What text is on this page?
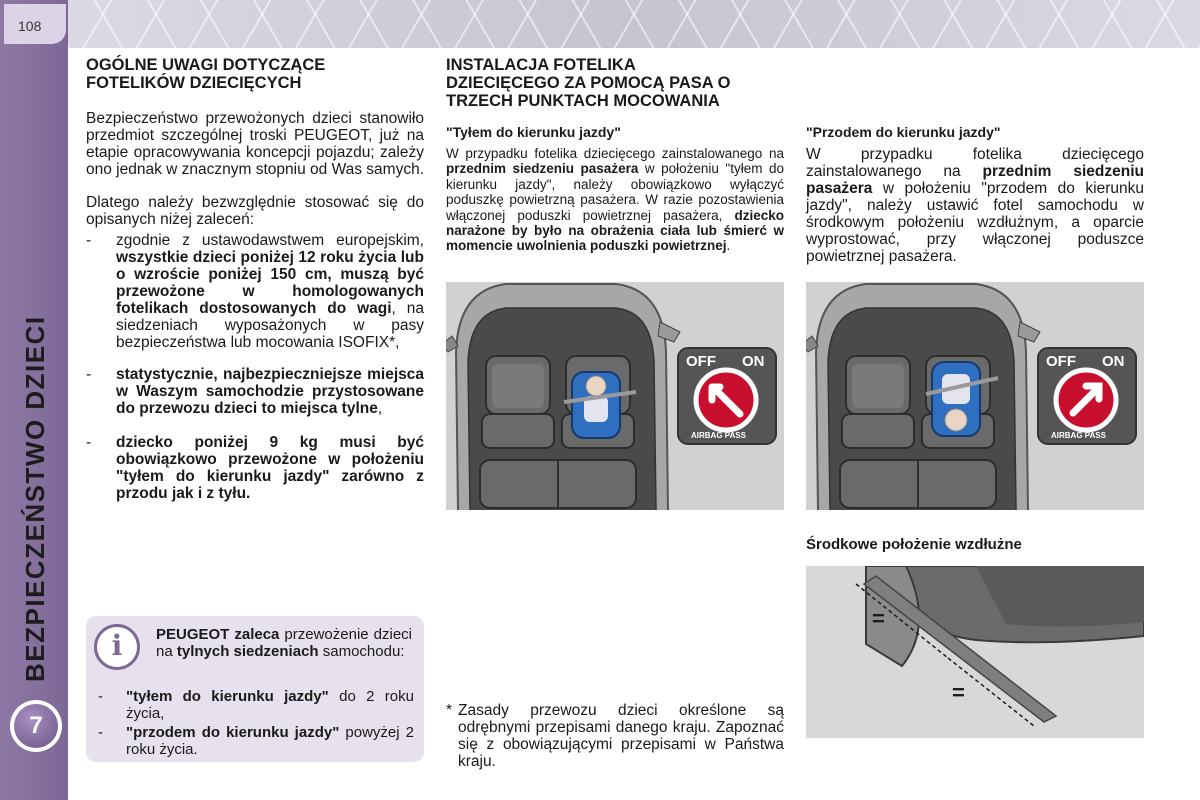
108
BEZPIECZEŃSTWO DZIECI
7
OGÓLNE UWAGI DOTYCZĄCE
FOTELIKÓW DZIECIĘCYCH
Bezpieczeństwo przewożonych dzieci stanowiło przedmiot szczególnej troski PEUGEOT, już na etapie opracowywania koncepcji pojazdu; zależy ono jednak w znacznym stopniu od Was samych.
Dlatego należy bezwzględnie stosować się do opisanych niżej zaleceń:
- zgodnie z ustawodawstwem europejskim, wszystkie dzieci poniżej 12 roku życia lub o wzroście poniżej 150 cm, muszą być przewożone w homologowanych fotelikach dostosowanych do wagi, na siedzeniach wyposażonych w pasy bezpieczeństwa lub mocowania ISOFIX*,
- statystycznie, najbezpieczniejsze miejsca w Waszym samochodzie przystosowane do przewozu dzieci to miejsca tylne,
- dziecko poniżej 9 kg musi być obowiązkowo przewożone w położeniu "tyłem do kierunku jazdy" zarówno z przodu jak i z tyłu.
i	PEUGEOT zaleca przewożenie dzieci na tylnych siedzeniach samochodu:
- "tyłem do kierunku jazdy" do 2 roku życia,
- "przodem do kierunku jazdy" powyżej 2 roku życia.
INSTALACJA FOTELIKA
DZIECIĘCEGO ZA POMOCĄ PASA O
TRZECH PUNKTACH MOCOWANIA
"Tyłem do kierunku jazdy"
W przypadku fotelika dziecięcego zainstalowanego na przednim siedzeniu pasażera w położeniu "tyłem do kierunku jazdy", należy obowiązkowo wyłączyć poduszkę powietrzną pasażera. W razie pozostawienia włączonej poduszki powietrznej pasażera, dziecko narażone by było na obrażenia ciała lub śmierć w momencie uwolnienia poduszki powietrznej.
OFF ON
AIRBAG PASS
* Zasady przewozu dzieci określone są odrębnymi przepisami danego kraju. Zapoznać się z obowiązującymi przepisami w Państwa kraju.
"Przodem do kierunku jazdy"
W przypadku fotelika dziecięcego zainstalowanego na przednim siedzeniu pasażera w położeniu "przodem do kierunku jazdy", należy ustawić fotel samochodu w środkowym położeniu wzdłużnym, a oparcie wyprostować, przy włączonej poduszce powietrznej pasażera.
OFF ON
AIRBAG PASS
Środkowe położenie wzdłużne
=
=
